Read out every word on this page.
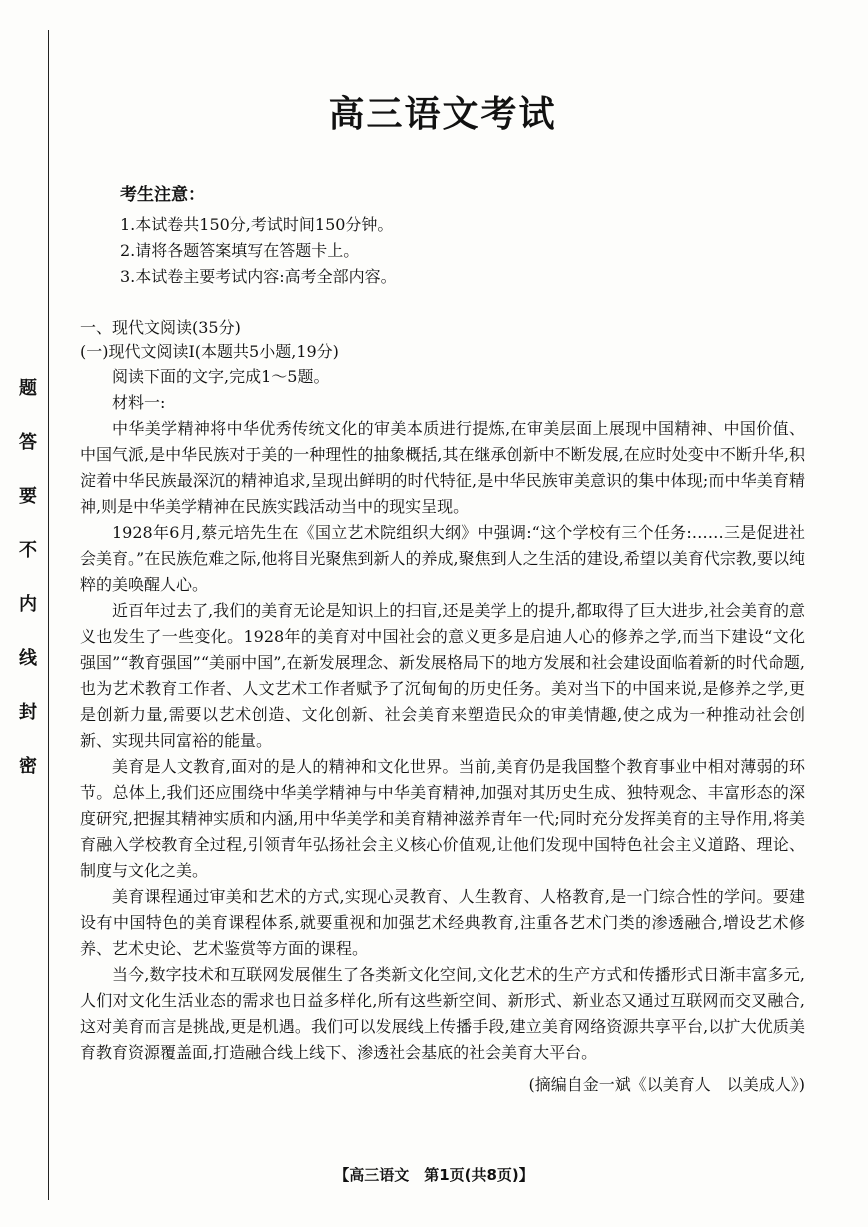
题
答
要
不
内
线
封
密
高三语文考试
考生注意：
1.本试卷共150分,考试时间150分钟。
2.请将各题答案填写在答题卡上。
3.本试卷主要考试内容:高考全部内容。
一、现代文阅读(35分)
(一)现代文阅读Ⅰ(本题共5小题,19分)
阅读下面的文字,完成1～5题。
材料一:

中华美学精神将中华优秀传统文化的审美本质进行提炼,在审美层面上展现中国精神、中国价值、中国气派,是中华民族对于美的一种理性的抽象概括,其在继承创新中不断发展,在应时处变中不断升华,积淀着中华民族最深沉的精神追求,呈现出鲜明的时代特征,是中华民族审美意识的集中体现;而中华美育精神,则是中华美学精神在民族实践活动当中的现实呈现。

1928年6月,蔡元培先生在《国立艺术院组织大纲》中强调:“这个学校有三个任务:……三是促进社会美育。”在民族危难之际,他将目光聚焦到新人的养成,聚焦到人之生活的建设,希望以美育代宗教,要以纯粹的美唤醒人心。

近百年过去了,我们的美育无论是知识上的扫盲,还是美学上的提升,都取得了巨大进步,社会美育的意义也发生了一些变化。1928年的美育对中国社会的意义更多是启迪人心的修养之学,而当下建设“文化强国”“教育强国”“美丽中国”,在新发展理念、新发展格局下的地方发展和社会建设面临着新的时代命题,也为艺术教育工作者、人文艺术工作者赋予了沉甸甸的历史任务。美对当下的中国来说,是修养之学,更是创新力量,需要以艺术创造、文化创新、社会美育来塑造民众的审美情趣,使之成为一种推动社会创新、实现共同富裕的能量。

美育是人文教育,面对的是人的精神和文化世界。当前,美育仍是我国整个教育事业中相对薄弱的环节。总体上,我们还应围绕中华美学精神与中华美育精神,加强对其历史生成、独特观念、丰富形态的深度研究,把握其精神实质和内涵,用中华美学和美育精神滋养青年一代;同时充分发挥美育的主导作用,将美育融入学校教育全过程,引领青年弘扬社会主义核心价值观,让他们发现中国特色社会主义道路、理论、制度与文化之美。

美育课程通过审美和艺术的方式,实现心灵教育、人生教育、人格教育,是一门综合性的学问。要建设有中国特色的美育课程体系,就要重视和加强艺术经典教育,注重各艺术门类的渗透融合,增设艺术修养、艺术史论、艺术鉴赏等方面的课程。

当今,数字技术和互联网发展催生了各类新文化空间,文化艺术的生产方式和传播形式日渐丰富多元,人们对文化生活业态的需求也日益多样化,所有这些新空间、新形式、新业态又通过互联网而交叉融合,这对美育而言是挑战,更是机遇。我们可以发展线上传播手段,建立美育网络资源共享平台,以扩大优质美育教育资源覆盖面,打造融合线上线下、渗透社会基底的社会美育大平台。

(摘编自金一斌《以美育人　以美成人》)
【高三语文　第1页(共8页)】
